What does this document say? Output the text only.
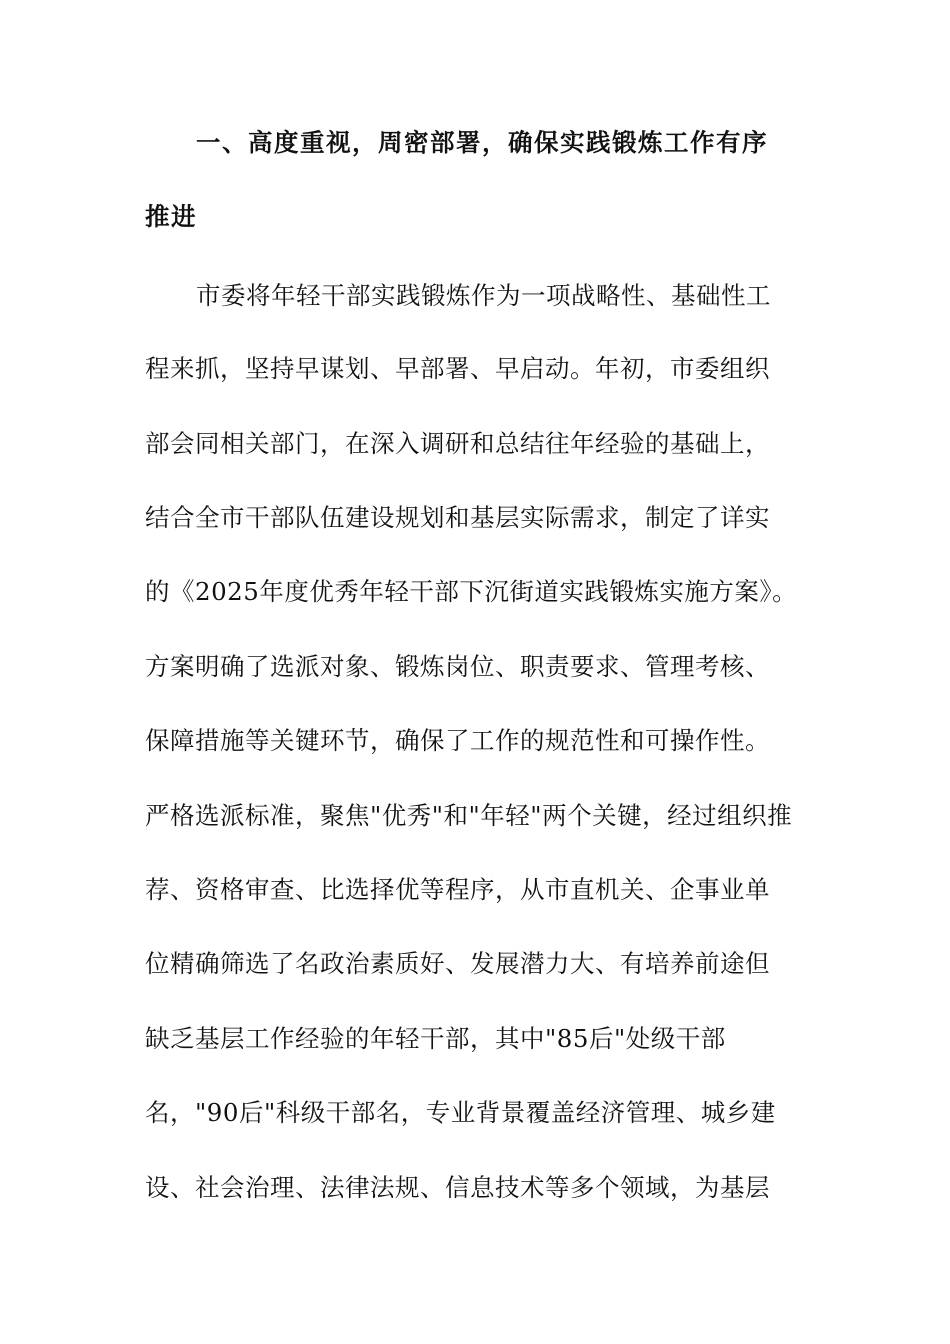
一、高度重视，周密部署，确保实践锻炼工作有序
推进
市委将年轻干部实践锻炼作为一项战略性、基础性工
程来抓，坚持早谋划、早部署、早启动。年初，市委组织
部会同相关部门，在深入调研和总结往年经验的基础上，
结合全市干部队伍建设规划和基层实际需求，制定了详实
的《2025年度优秀年轻干部下沉街道实践锻炼实施方案》。
方案明确了选派对象、锻炼岗位、职责要求、管理考核、
保障措施等关键环节，确保了工作的规范性和可操作性。
严格选派标准，聚焦"优秀"和"年轻"两个关键，经过组织推
荐、资格审查、比选择优等程序，从市直机关、企事业单
位精确筛选了名政治素质好、发展潜力大、有培养前途但
缺乏基层工作经验的年轻干部，其中"85后"处级干部
名，"90后"科级干部名，专业背景覆盖经济管理、城乡建
设、社会治理、法律法规、信息技术等多个领域，为基层
